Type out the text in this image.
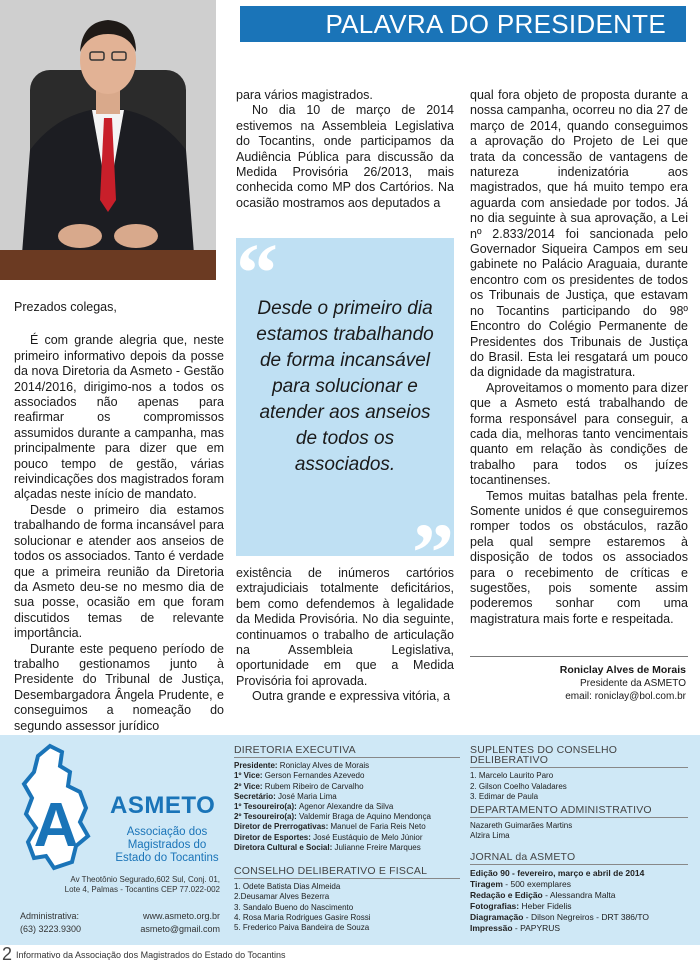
PALAVRA DO PRESIDENTE

Prezados colegas,

É com grande alegria que, neste primeiro informativo depois da posse da nova Diretoria da Asmeto - Gestão 2014/2016, dirigimo-nos a todos os associados não apenas para reafirmar os compromissos assumidos durante a campanha, mas principalmente para dizer que em pouco tempo de gestão, várias reivindicações dos magistrados foram alçadas neste início de mandato.

Desde o primeiro dia estamos trabalhando de forma incansável para solucionar e atender aos anseios de todos os associados. Tanto é verdade que a primeira reunião da Diretoria da Asmeto deu-se no mesmo dia de sua posse, ocasião em que foram discutidos temas de relevante importância.

Durante este pequeno período de trabalho gestionamos junto à Presidente do Tribunal de Justiça, Desembargadora Ângela Prudente, e conseguimos a nomeação do segundo assessor jurídico

para vários magistrados.

No dia 10 de março de 2014 estivemos na Assembleia Legislativa do Tocantins, onde participamos da Audiência Pública para discussão da Medida Provisória 26/2013, mais conhecida como MP dos Cartórios. Na ocasião mostramos aos deputados a

“
Desde o primeiro dia estamos trabalhando de forma incansável para solucionar e atender aos anseios de todos os associados.
”

existência de inúmeros cartórios extrajudiciais totalmente deficitários, bem como defendemos à legalidade da Medida Provisória. No dia seguinte, continuamos o trabalho de articulação na Assembleia Legislativa, oportunidade em que a Medida Provisória foi aprovada.

Outra grande e expressiva vitória, a

qual fora objeto de proposta durante a nossa campanha, ocorreu no dia 27 de março de 2014, quando conseguimos a aprovação do Projeto de Lei que trata da concessão de vantagens de natureza indenizatória aos magistrados, que há muito tempo era aguarda com ansiedade por todos. Já no dia seguinte à sua aprovação, a Lei nº 2.833/2014 foi sancionada pelo Governador Siqueira Campos em seu gabinete no Palácio Araguaia, durante encontro com os presidentes de todos os Tribunais de Justiça, que estavam no Tocantins participando do 98º Encontro do Colégio Permanente de Presidentes dos Tribunais de Justiça do Brasil. Esta lei resgatará um pouco da dignidade da magistratura.

Aproveitamos o momento para dizer que a Asmeto está trabalhando de forma responsável para conseguir, a cada dia, melhoras tanto vencimentais quanto em relação às condições de trabalho para todos os juízes tocantinenses.

Temos muitas batalhas pela frente. Somente unidos é que conseguiremos romper todos os obstáculos, razão pela qual sempre estaremos à disposição de todos os associados para o recebimento de críticas e sugestões, pois somente assim poderemos sonhar com uma magistratura mais forte e respeitada.

Roniclay Alves de Morais
Presidente da ASMETO
email: roniclay@bol.com.br
A ASMETO
Associação dos Magistrados do Estado do Tocantins
Av Theotônio Segurado,602 Sul, Conj. 01,
Lote 4, Palmas - Tocantins CEP 77.022-002
Administrativa:	www.asmeto.org.br
(63) 3223.9300	asmeto@gmail.com
DIRETORIA EXECUTIVA
Presidente: Roniclay Alves de Morais
1º Vice: Gerson Fernandes Azevedo
2º Vice: Rubem Ribeiro de Carvalho
Secretário: José Maria Lima
1º Tesoureiro(a): Agenor Alexandre da Silva
2º Tesoureiro(a): Valdemir Braga de Aquino Mendonça
Diretor de Prerrogativas: Manuel de Faria Reis Neto
Diretor de Esportes: José Eustáquio de Melo Júnior
Diretora Cultural e Social: Julianne Freire Marques
CONSELHO DELIBERATIVO E FISCAL
1. Odete Batista Dias Almeida
2.Deusamar Alves Bezerra
3. Sandalo Bueno do Nascimento
4. Rosa Maria Rodrigues Gasire Rossi
5. Frederico Paiva Bandeira de Souza
SUPLENTES DO CONSELHO DELIBERATIVO
1. Marcelo Laurito Paro
2. Gilson Coelho Valadares
3. Edimar de Paula
DEPARTAMENTO ADMINISTRATIVO
Nazareth Guimarães Martins
Alzira Lima
JORNAL da ASMETO
Edição 90 - fevereiro, março e abril de 2014
Tiragem - 500 exemplares
Redação e Edição - Alessandra Malta
Fotografias: Heber Fidelis
Diagramação - Dilson Negreiros - DRT 386/TO
Impressão - PAPYRUS
2 Informativo da Associação dos Magistrados do Estado do Tocantins
